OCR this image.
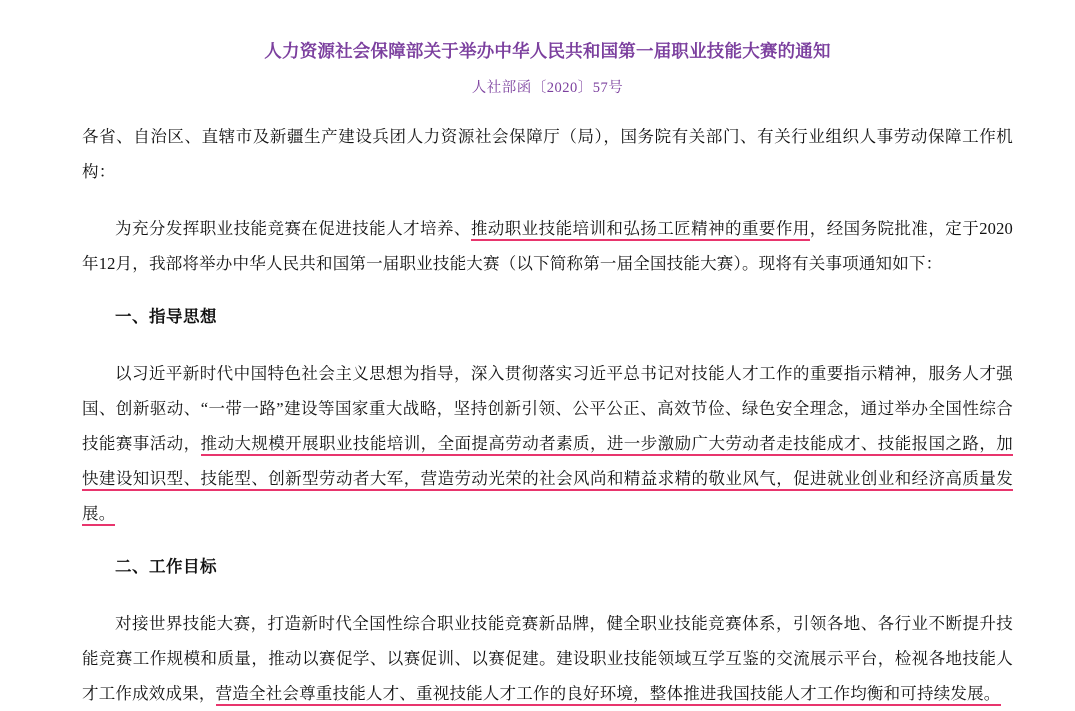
人力资源社会保障部关于举办中华人民共和国第一届职业技能大赛的通知
人社部函〔2020〕57号

各省、自治区、直辖市及新疆生产建设兵团人力资源社会保障厅（局），国务院有关部门、有关行业组织人事劳动保障工作机构：

为充分发挥职业技能竞赛在促进技能人才培养、推动职业技能培训和弘扬工匠精神的重要作用，经国务院批准，定于2020年12月，我部将举办中华人民共和国第一届职业技能大赛（以下简称第一届全国技能大赛）。现将有关事项通知如下：

一、指导思想

以习近平新时代中国特色社会主义思想为指导，深入贯彻落实习近平总书记对技能人才工作的重要指示精神，服务人才强国、创新驱动、“一带一路”建设等国家重大战略，坚持创新引领、公平公正、高效节俭、绿色安全理念，通过举办全国性综合技能赛事活动，推动大规模开展职业技能培训，全面提高劳动者素质，进一步激励广大劳动者走技能成才、技能报国之路，加快建设知识型、技能型、创新型劳动者大军，营造劳动光荣的社会风尚和精益求精的敬业风气，促进就业创业和经济高质量发展。

二、工作目标

对接世界技能大赛，打造新时代全国性综合职业技能竞赛新品牌，健全职业技能竞赛体系，引领各地、各行业不断提升技能竞赛工作规模和质量，推动以赛促学、以赛促训、以赛促建。建设职业技能领域互学互鉴的交流展示平台，检视各地技能人才工作成效成果，营造全社会尊重技能人才、重视技能人才工作的良好环境，整体推进我国技能人才工作均衡和可持续发展。
